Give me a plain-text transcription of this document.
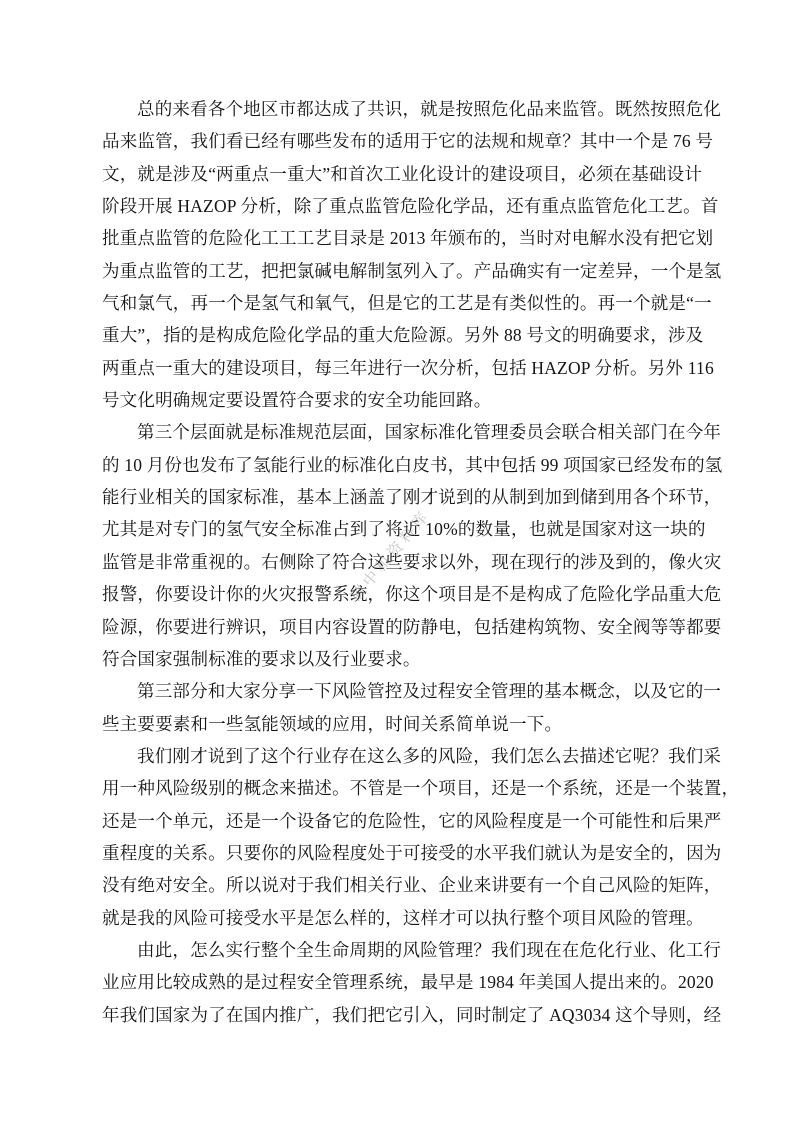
碳中和资料库
总的来看各个地区市都达成了共识，就是按照危化品来监管。既然按照危化
品来监管，我们看已经有哪些发布的适用于它的法规和规章？其中一个是 76 号
文，就是涉及“两重点一重大”和首次工业化设计的建设项目，必须在基础设计
阶段开展 HAZOP 分析，除了重点监管危险化学品，还有重点监管危化工艺。首
批重点监管的危险化工工工艺目录是 2013 年颁布的，当时对电解水没有把它划
为重点监管的工艺，把把氯碱电解制氢列入了。产品确实有一定差异，一个是氢
气和氯气，再一个是氢气和氧气，但是它的工艺是有类似性的。再一个就是“一
重大”，指的是构成危险化学品的重大危险源。另外 88 号文的明确要求，涉及
两重点一重大的建设项目，每三年进行一次分析，包括 HAZOP 分析。另外 116
号文化明确规定要设置符合要求的安全功能回路。
第三个层面就是标准规范层面，国家标准化管理委员会联合相关部门在今年
的 10 月份也发布了氢能行业的标准化白皮书，其中包括 99 项国家已经发布的氢
能行业相关的国家标准，基本上涵盖了刚才说到的从制到加到储到用各个环节，
尤其是对专门的氢气安全标准占到了将近 10%的数量，也就是国家对这一块的
监管是非常重视的。右侧除了符合这些要求以外，现在现行的涉及到的，像火灾
报警，你要设计你的火灾报警系统，你这个项目是不是构成了危险化学品重大危
险源，你要进行辨识，项目内容设置的防静电，包括建构筑物、安全阀等等都要
符合国家强制标准的要求以及行业要求。
第三部分和大家分享一下风险管控及过程安全管理的基本概念，以及它的一
些主要要素和一些氢能领域的应用，时间关系简单说一下。
我们刚才说到了这个行业存在这么多的风险，我们怎么去描述它呢？我们采
用一种风险级别的概念来描述。不管是一个项目，还是一个系统，还是一个装置，
还是一个单元，还是一个设备它的危险性，它的风险程度是一个可能性和后果严
重程度的关系。只要你的风险程度处于可接受的水平我们就认为是安全的，因为
没有绝对安全。所以说对于我们相关行业、企业来讲要有一个自己风险的矩阵，
就是我的风险可接受水平是怎么样的，这样才可以执行整个项目风险的管理。
由此，怎么实行整个全生命周期的风险管理？我们现在在危化行业、化工行
业应用比较成熟的是过程安全管理系统，最早是 1984 年美国人提出来的。2020
年我们国家为了在国内推广，我们把它引入，同时制定了 AQ3034 这个导则，经
